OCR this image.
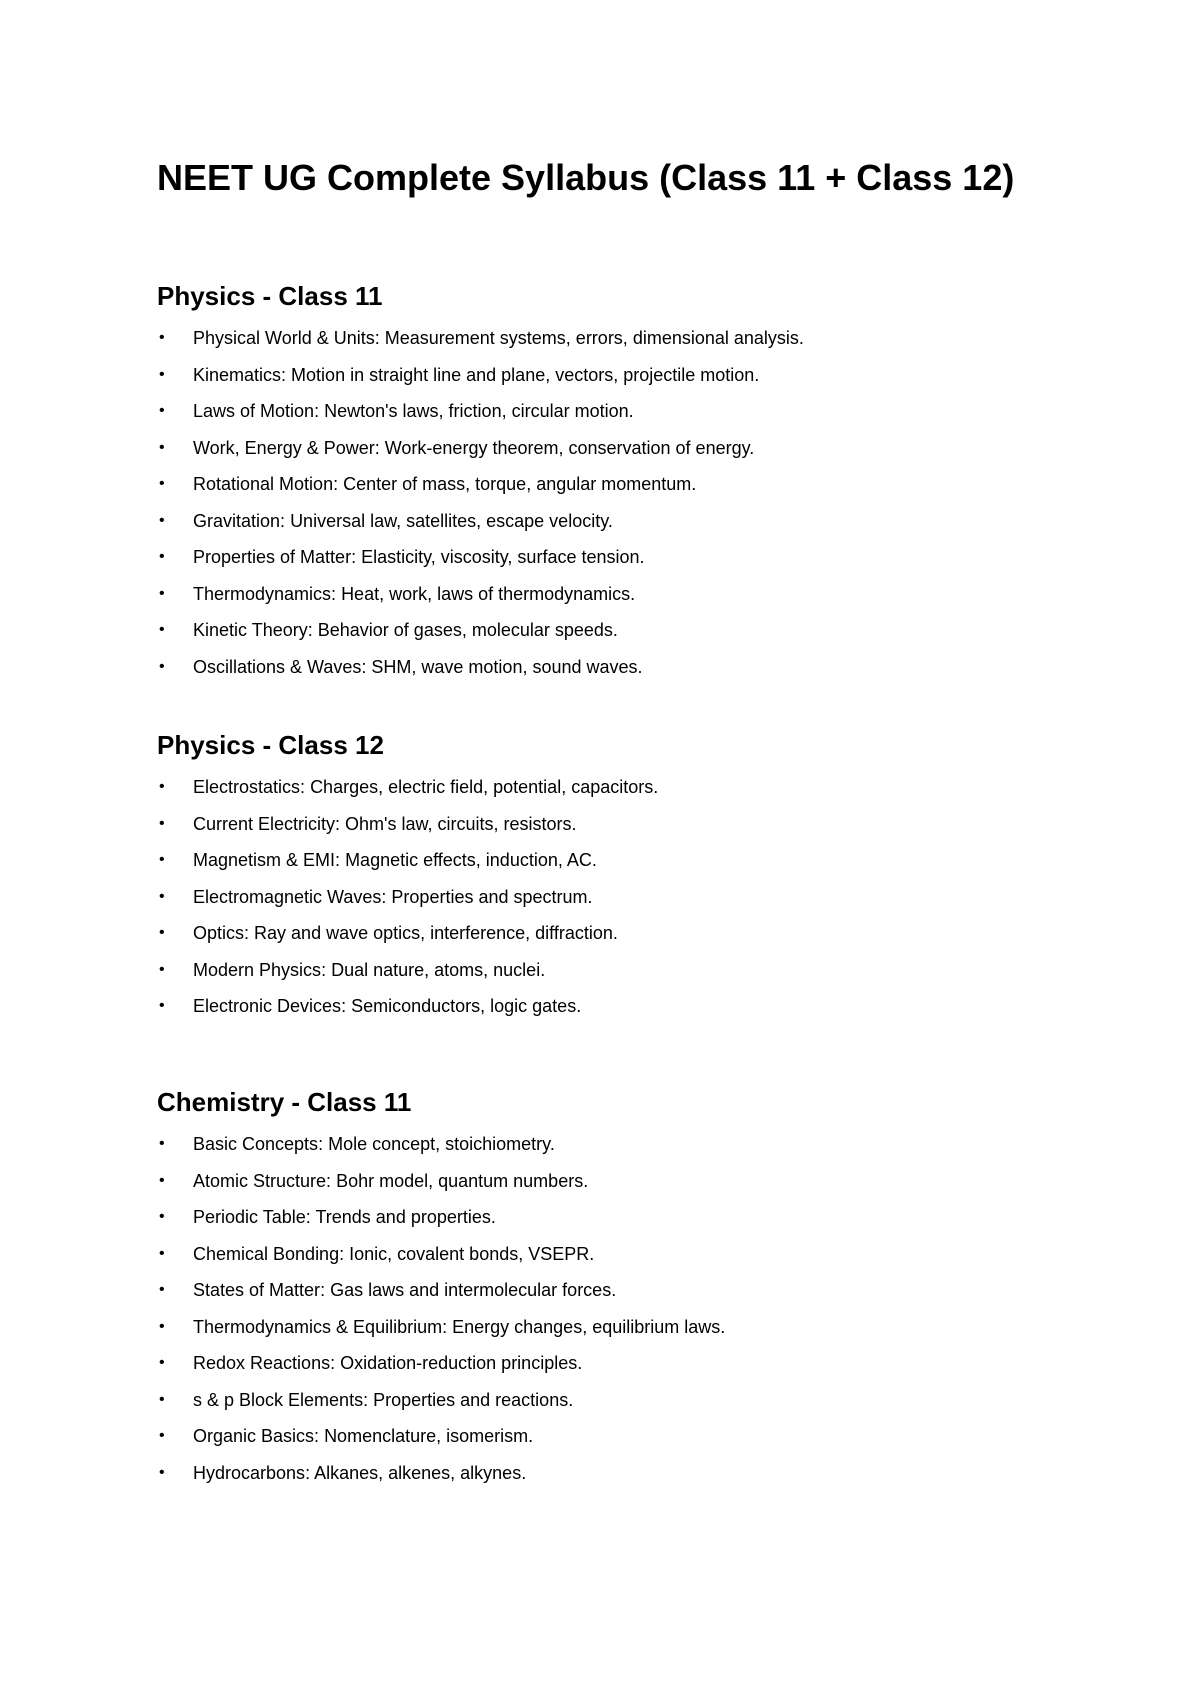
NEET UG Complete Syllabus (Class 11 + Class 12)
Physics - Class 11
• Physical World & Units: Measurement systems, errors, dimensional analysis.
• Kinematics: Motion in straight line and plane, vectors, projectile motion.
• Laws of Motion: Newton's laws, friction, circular motion.
• Work, Energy & Power: Work-energy theorem, conservation of energy.
• Rotational Motion: Center of mass, torque, angular momentum.
• Gravitation: Universal law, satellites, escape velocity.
• Properties of Matter: Elasticity, viscosity, surface tension.
• Thermodynamics: Heat, work, laws of thermodynamics.
• Kinetic Theory: Behavior of gases, molecular speeds.
• Oscillations & Waves: SHM, wave motion, sound waves.
Physics - Class 12
• Electrostatics: Charges, electric field, potential, capacitors.
• Current Electricity: Ohm's law, circuits, resistors.
• Magnetism & EMI: Magnetic effects, induction, AC.
• Electromagnetic Waves: Properties and spectrum.
• Optics: Ray and wave optics, interference, diffraction.
• Modern Physics: Dual nature, atoms, nuclei.
• Electronic Devices: Semiconductors, logic gates.
Chemistry - Class 11
• Basic Concepts: Mole concept, stoichiometry.
• Atomic Structure: Bohr model, quantum numbers.
• Periodic Table: Trends and properties.
• Chemical Bonding: Ionic, covalent bonds, VSEPR.
• States of Matter: Gas laws and intermolecular forces.
• Thermodynamics & Equilibrium: Energy changes, equilibrium laws.
• Redox Reactions: Oxidation-reduction principles.
• s & p Block Elements: Properties and reactions.
• Organic Basics: Nomenclature, isomerism.
• Hydrocarbons: Alkanes, alkenes, alkynes.
